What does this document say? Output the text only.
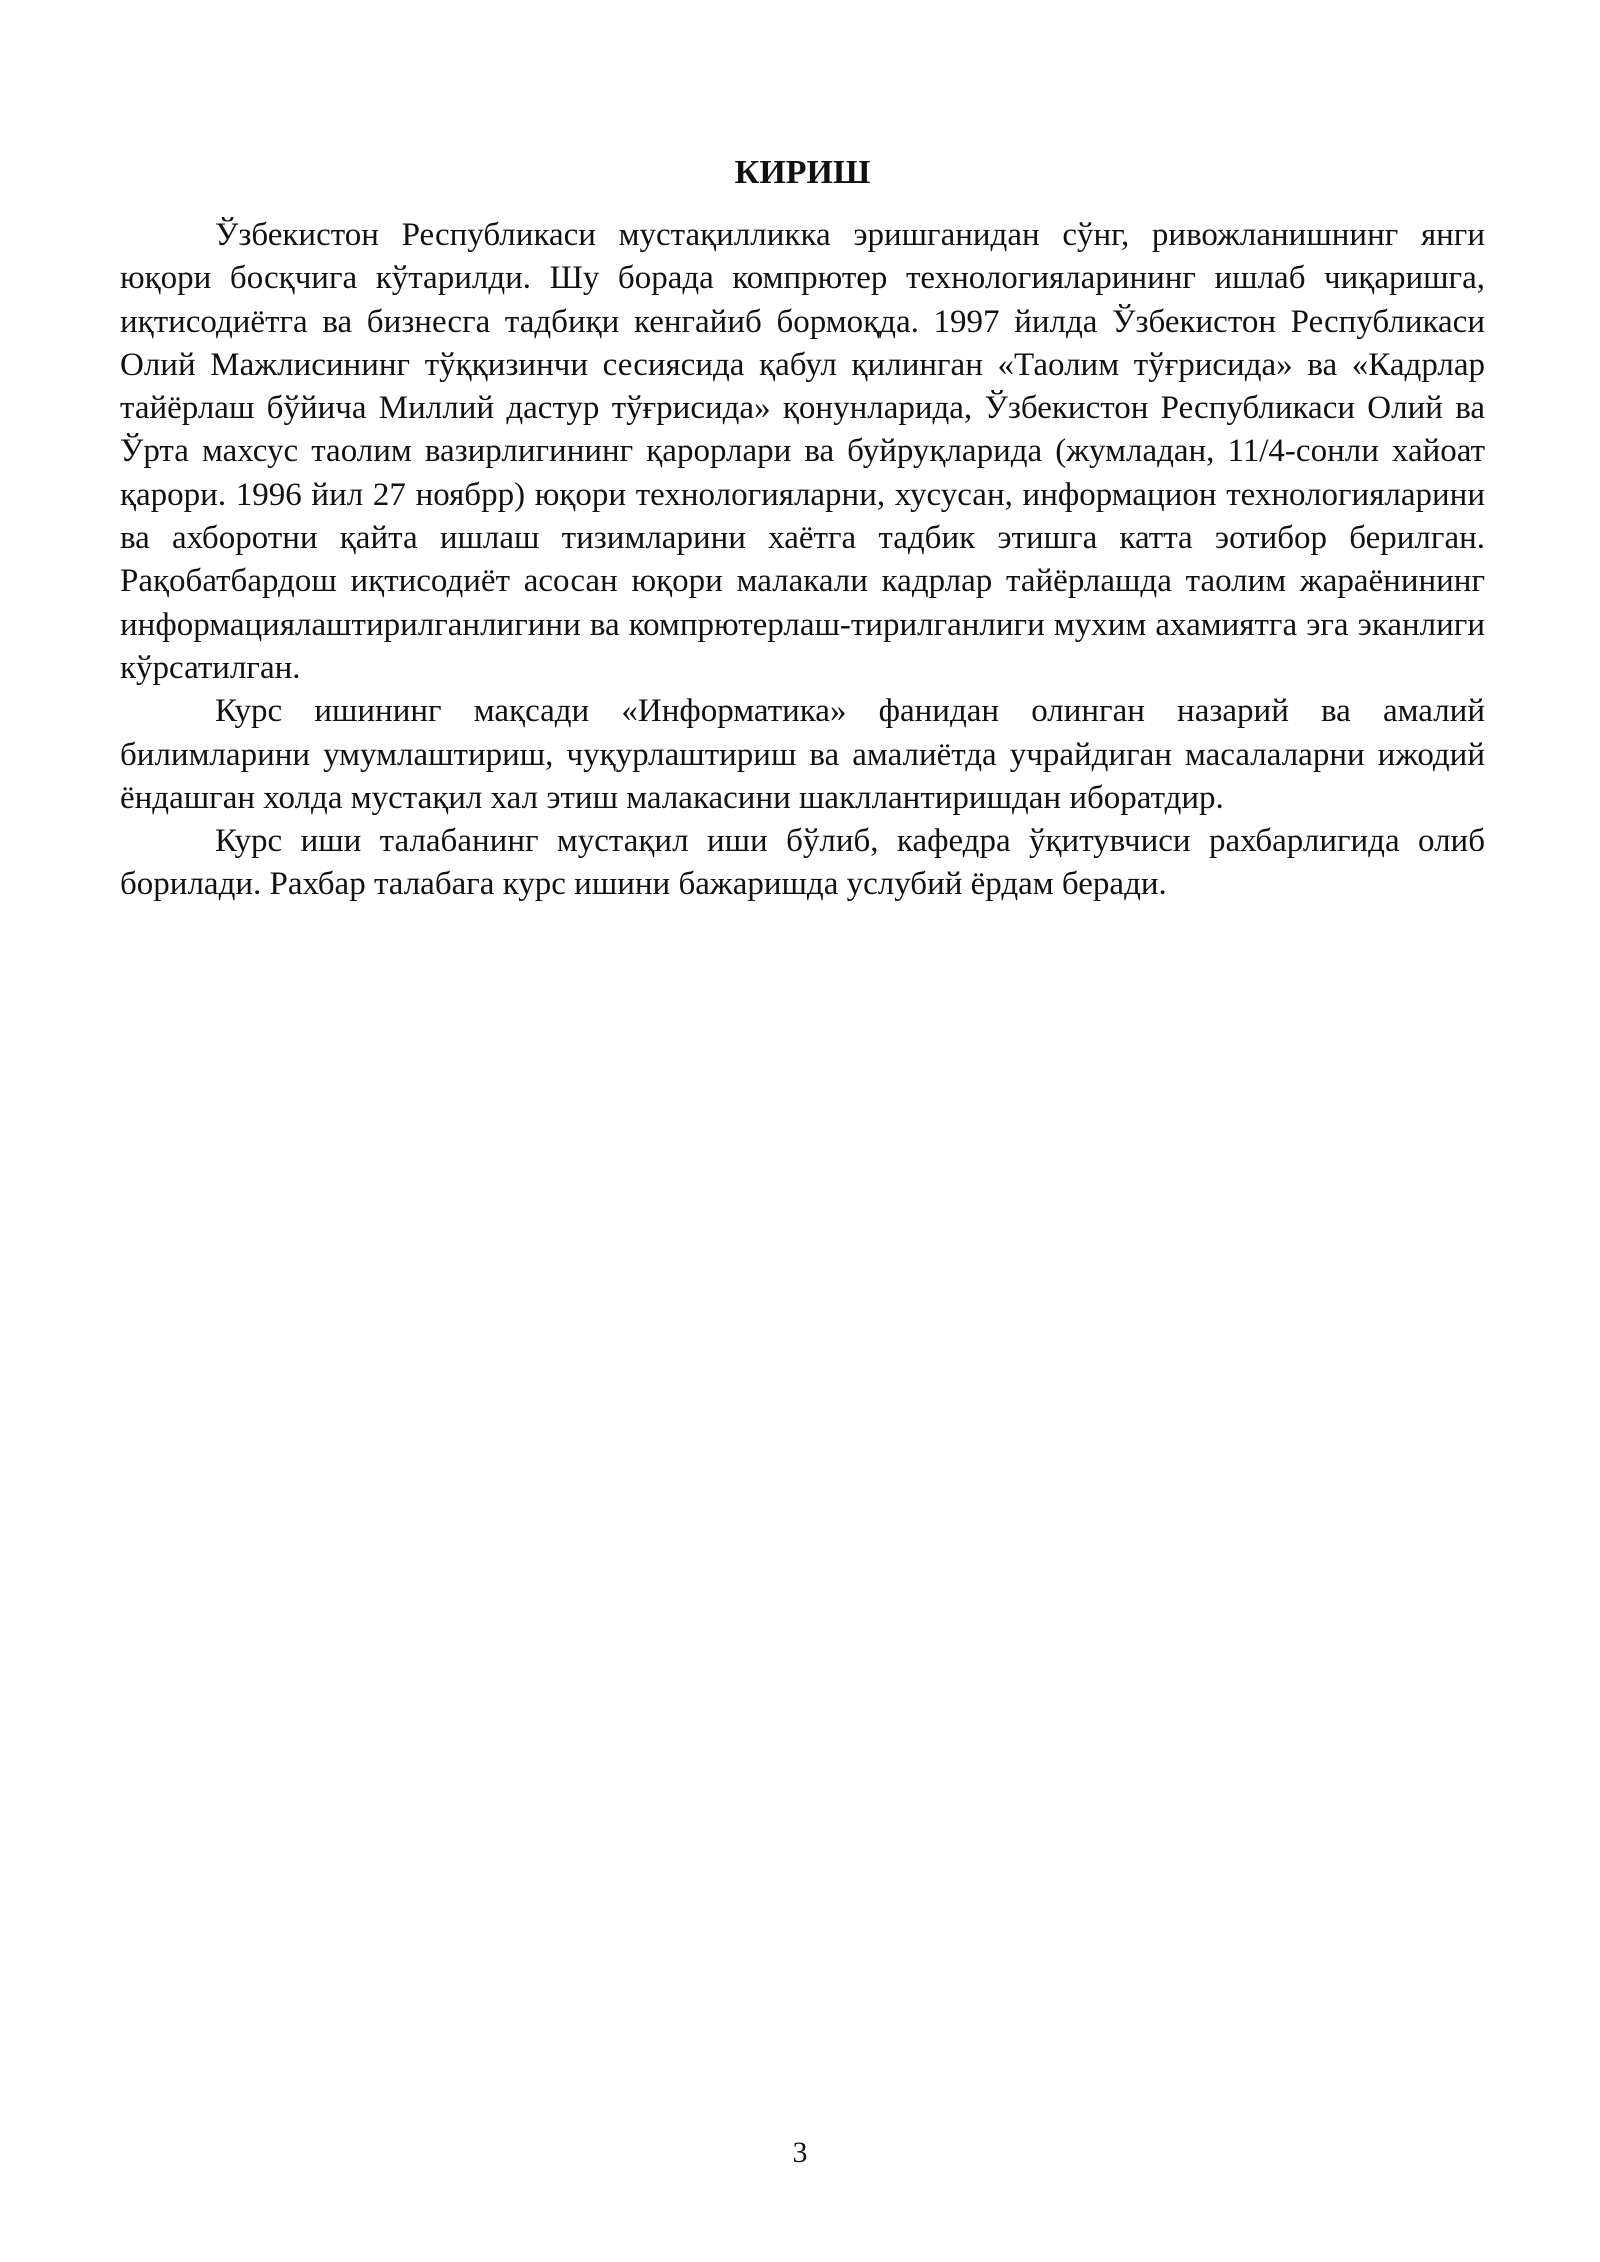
КИРИШ

Ўзбекистон Республикаси мустақилликка эришганидан сўнг, ривожланишнинг янги юқори босқчига кўтарилди. Шу борада компрютер технологияларининг ишлаб чиқаришга, иқтисодиётга ва бизнесга тадбиқи кенгайиб бормоқда. 1997 йилда Ўзбекистон Республикаси Олий Мажлисининг тўққизинчи сесиясида қабул қилинган «Таолим тўғрисида» ва «Кадрлар тайёрлаш бўйича Миллий дастур тўғрисида» қонунларида, Ўзбекистон Республикаси Олий ва Ўрта махсус таолим вазирлигининг қарорлари ва буйруқларида (жумладан, 11/4-сонли хайоат қарори. 1996 йил 27 ноябрр) юқори технологияларни, хусусан, информацион технологияларини ва ахборотни қайта ишлаш тизимларини хаётга тадбик этишга катта эотибор берилган. Рақобатбардош иқтисодиёт асосан юқори малакали кадрлар тайёрлашда таолим жараёнининг информациялаштирилганлигини ва компрютерлаш-тирилганлиги мухим ахамиятга эга эканлиги кўрсатилган.

Курс ишининг мақсади «Информатика» фанидан олинган назарий ва амалий билимларини умумлаштириш, чуқурлаштириш ва амалиётда учрайдиган масалаларни ижодий ёндашган холда мустақил хал этиш малакасини шакллантиришдан иборатдир.

Курс иши талабанинг мустақил иши бўлиб, кафедра ўқитувчиси рахбарлигида олиб борилади. Рахбар талабага курс ишини бажаришда услубий ёрдам беради.

3
